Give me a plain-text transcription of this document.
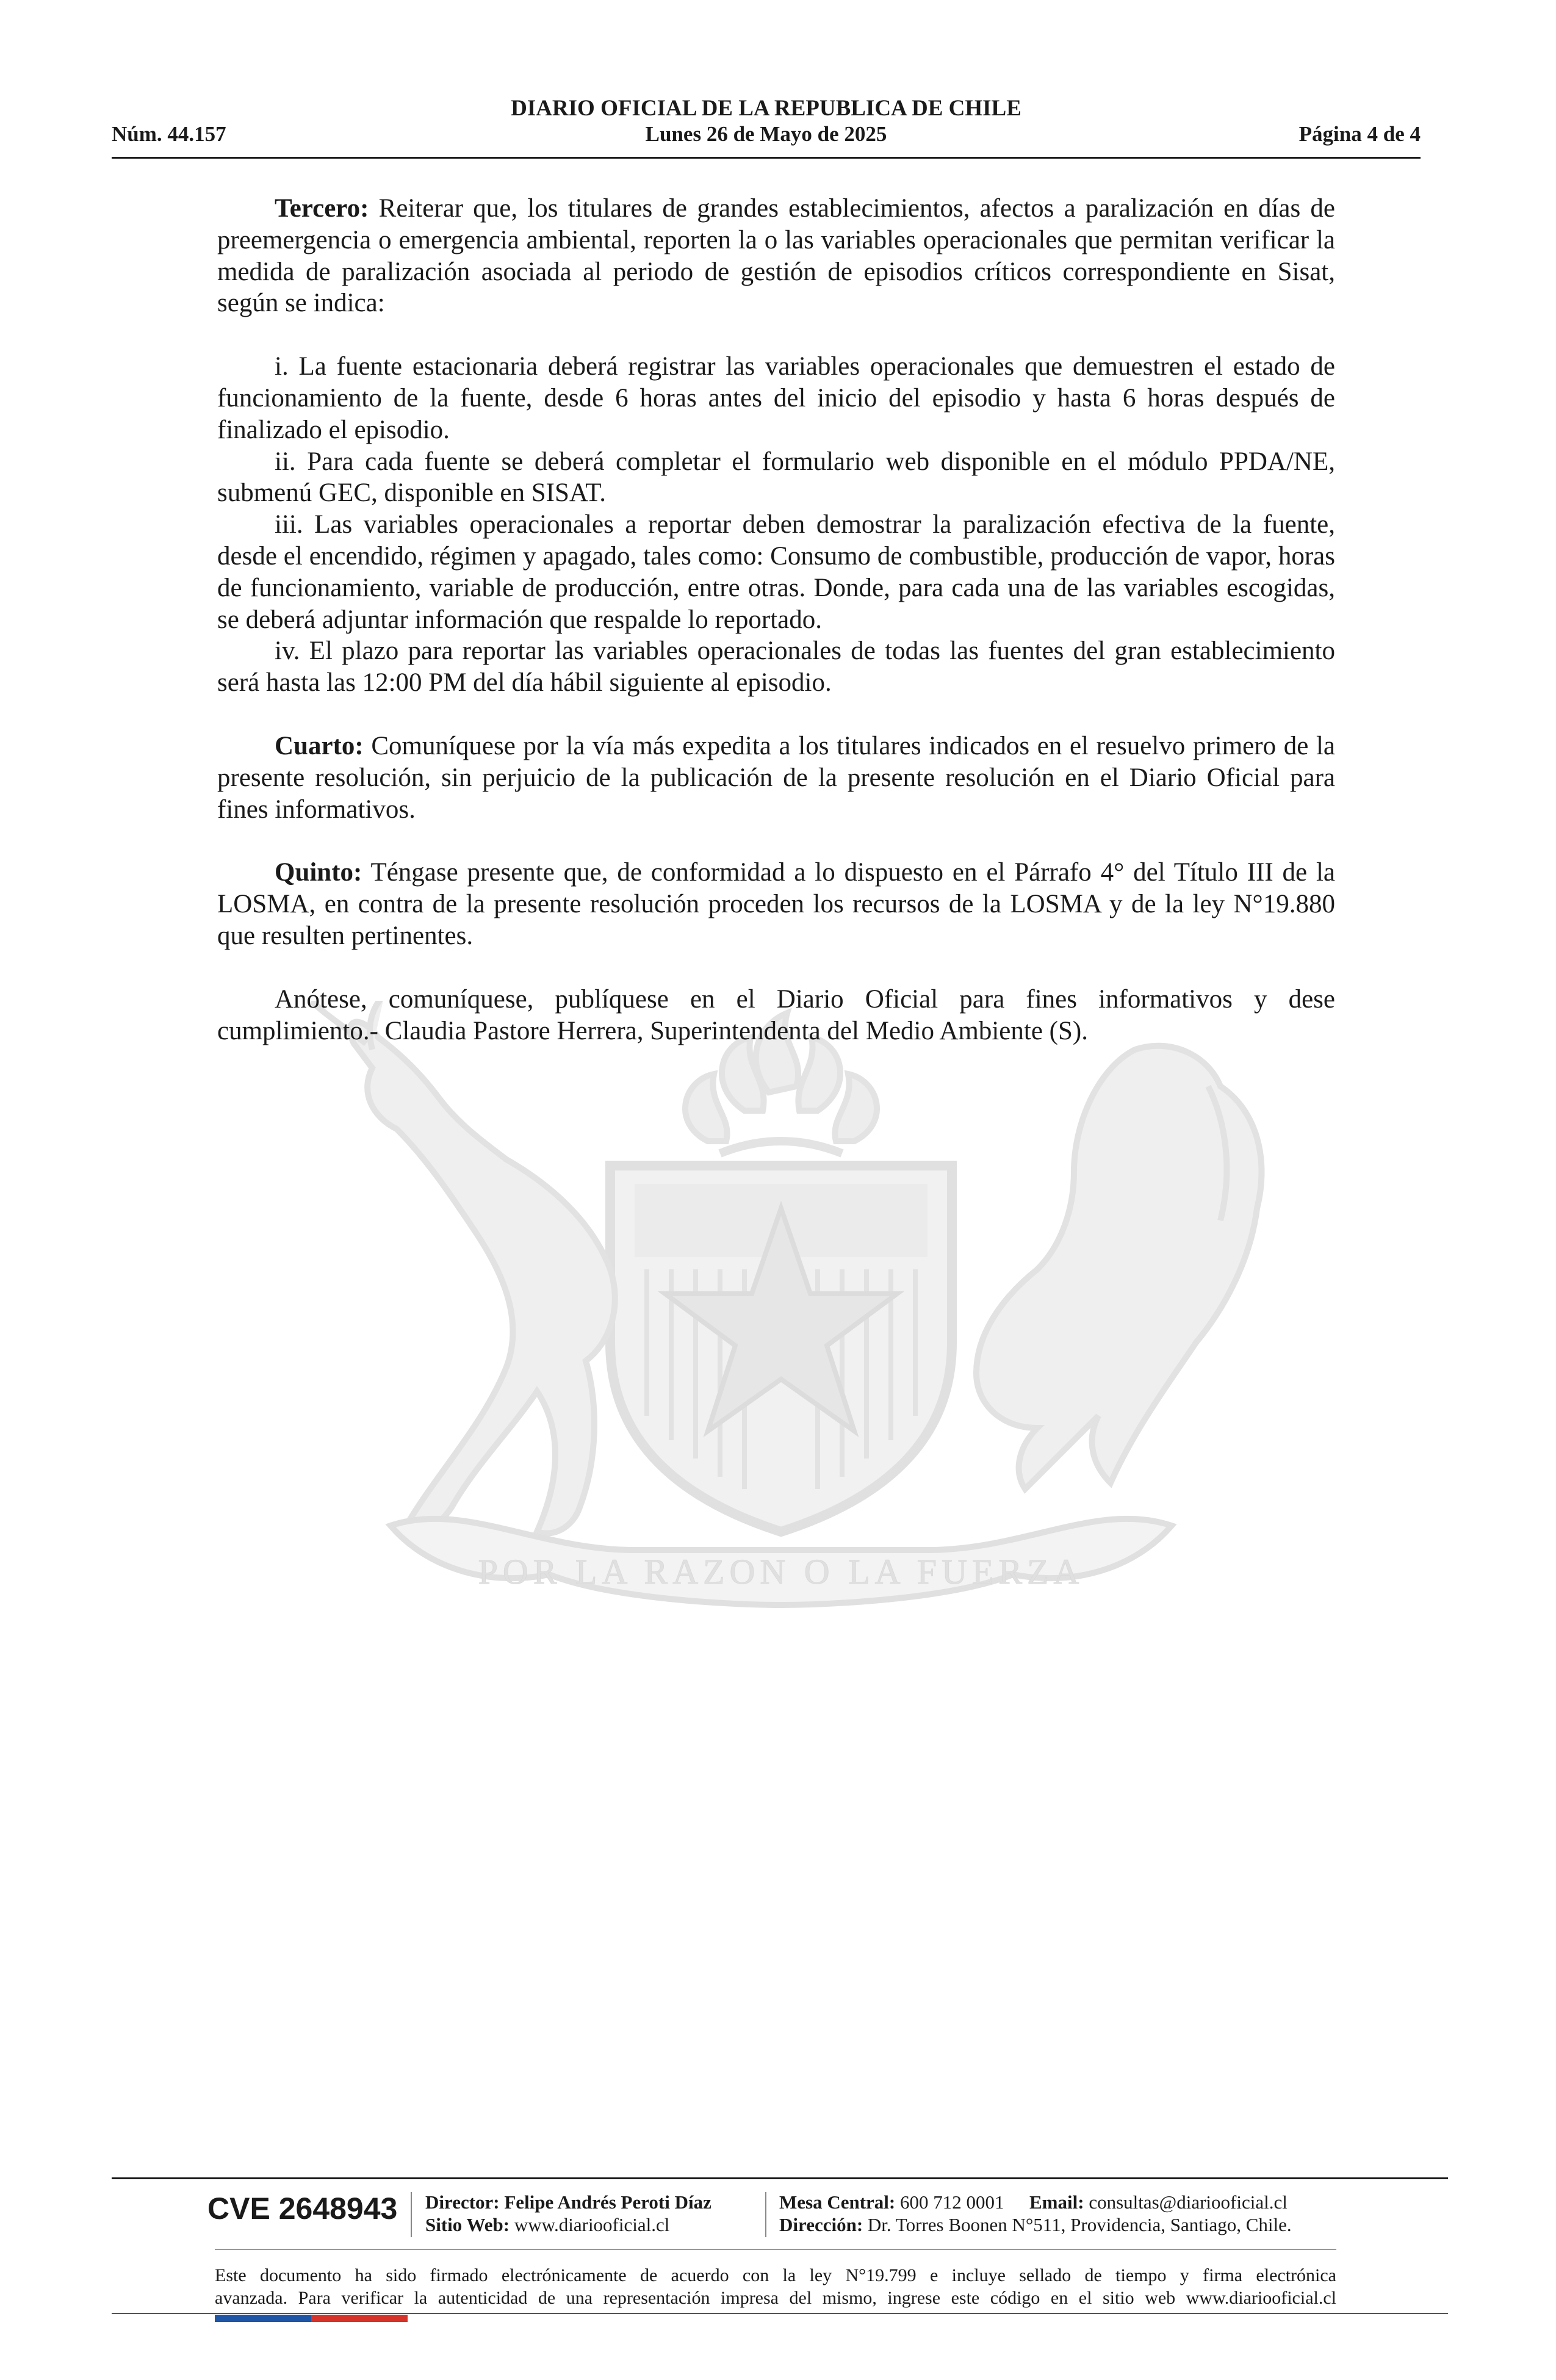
DIARIO OFICIAL DE LA REPUBLICA DE CHILE
Núm. 44.157	Lunes 26 de Mayo de 2025	Página 4 de 4
POR LA RAZON O LA FUERZA

Tercero: Reiterar que, los titulares de grandes establecimientos, afectos a paralización en días de preemergencia o emergencia ambiental, reporten la o las variables operacionales que permitan verificar la medida de paralización asociada al periodo de gestión de episodios críticos correspondiente en Sisat, según se indica:

i. La fuente estacionaria deberá registrar las variables operacionales que demuestren el estado de funcionamiento de la fuente, desde 6 horas antes del inicio del episodio y hasta 6 horas después de finalizado el episodio.

ii. Para cada fuente se deberá completar el formulario web disponible en el módulo PPDA/NE, submenú GEC, disponible en SISAT.

iii. Las variables operacionales a reportar deben demostrar la paralización efectiva de la fuente, desde el encendido, régimen y apagado, tales como: Consumo de combustible, producción de vapor, horas de funcionamiento, variable de producción, entre otras. Donde, para cada una de las variables escogidas, se deberá adjuntar información que respalde lo reportado.

iv. El plazo para reportar las variables operacionales de todas las fuentes del gran establecimiento será hasta las 12:00 PM del día hábil siguiente al episodio.

Cuarto: Comuníquese por la vía más expedita a los titulares indicados en el resuelvo primero de la presente resolución, sin perjuicio de la publicación de la presente resolución en el Diario Oficial para fines informativos.

Quinto: Téngase presente que, de conformidad a lo dispuesto en el Párrafo 4° del Título III de la LOSMA, en contra de la presente resolución proceden los recursos de la LOSMA y de la ley N°19.880 que resulten pertinentes.

Anótese, comuníquese, publíquese en el Diario Oficial para fines informativos y dese cumplimiento.- Claudia Pastore Herrera, Superintendenta del Medio Ambiente (S).

CVE 2648943 Director: Felipe Andrés Peroti Díaz
Sitio Web: www.diariooficial.cl
Mesa Central: 600 712 0001 Email: consultas@diariooficial.cl
Dirección: Dr. Torres Boonen N°511, Providencia, Santiago, Chile.
Este documento ha sido firmado electrónicamente de acuerdo con la ley N°19.799 e incluye sellado de tiempo y firma electrónica
avanzada. Para verificar la autenticidad de una representación impresa del mismo, ingrese este código en el sitio web www.diariooficial.cl
